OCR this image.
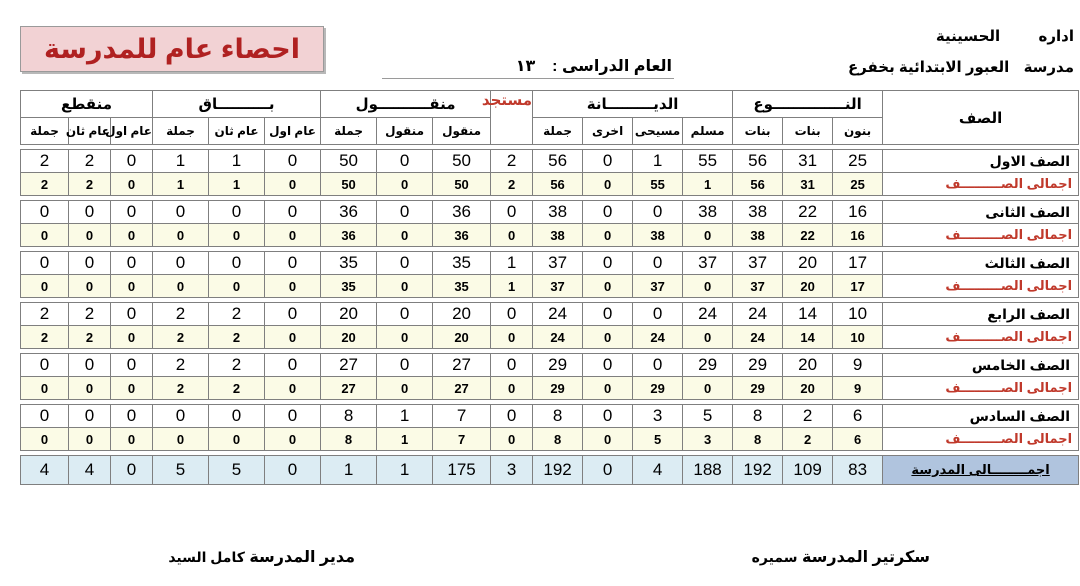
احصاء عام للمدرسة	اداره  الحسينية
مدرسة  العبور الابتدائية بخفرع
العام الدراسى :  ١٣
الصف	النــــــــــــــوع			الديـــــــــانة				مستجد	منقــــــــــول			بــــــــــاق			منقطع		
	بنون	بنات	بنات	مسلم	مسيحى	اخرى	جملة		منقول	منقول	جملة	عام اول	عام ثان	جملة	عام اول	عام ثان	جملة

الصف الاول	25	31	56	55	1	0	56	2	50	0	50	0	1	1	0	2	2
اجمالى الصـــــــــف	25	31	56	1	55	0	56	2	50	0	50	0	1	1	0	2	2

الصف الثانى	16	22	38	38	0	0	38	0	36	0	36	0	0	0	0	0	0
اجمالى الصـــــــــف	16	22	38	0	38	0	38	0	36	0	36	0	0	0	0	0	0

الصف الثالث	17	20	37	37	0	0	37	1	35	0	35	0	0	0	0	0	0
اجمالى الصـــــــــف	17	20	37	0	37	0	37	1	35	0	35	0	0	0	0	0	0

الصف الرابع	10	14	24	24	0	0	24	0	20	0	20	0	2	2	0	2	2
اجمالى الصـــــــــف	10	14	24	0	24	0	24	0	20	0	20	0	2	2	0	2	2

الصف الخامس	9	20	29	29	0	0	29	0	27	0	27	0	2	2	0	0	0
اجمالى الصـــــــــف	9	20	29	0	29	0	29	0	27	0	27	0	2	2	0	0	0

الصف السادس	6	2	8	5	3	0	8	0	7	1	8	0	0	0	0	0	0
اجمالى الصـــــــــف	6	2	8	3	5	0	8	0	7	1	8	0	0	0	0	0	0

اجمــــــــالى المدرسة	83	109	192	188	4	0	192	3	175	1	1	0	5	5	0	4	4
سكرتير المدرسة سميره
مدير المدرسة كامل السيد
